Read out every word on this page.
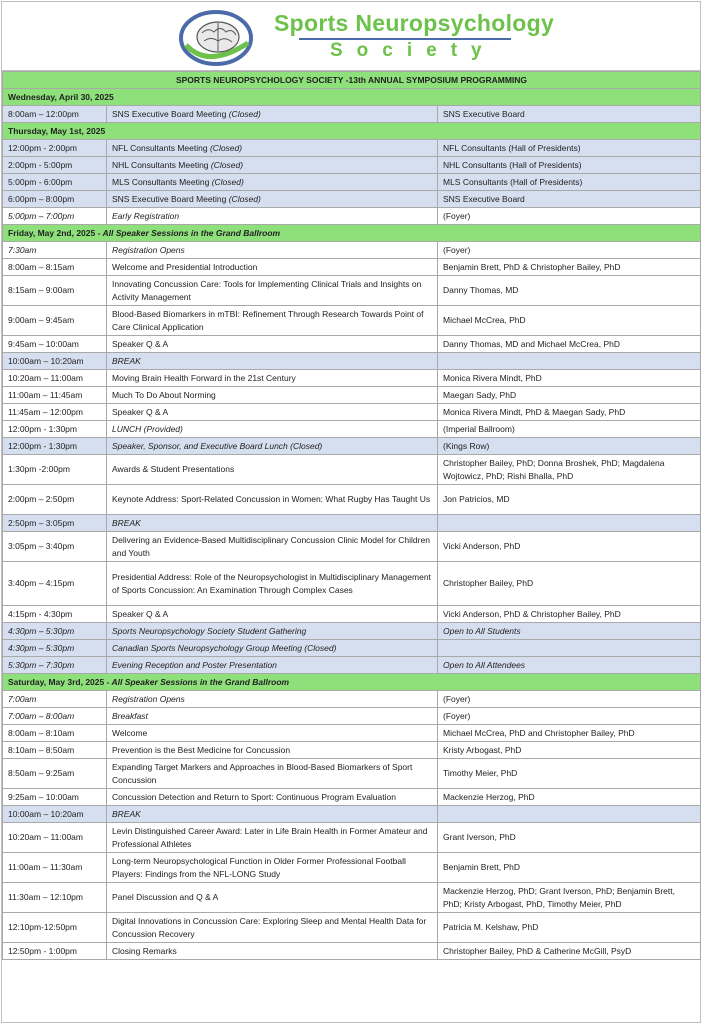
Sports Neuropsychology
Society
SPORTS NEUROPSYCHOLOGY SOCIETY -13th ANNUAL SYMPOSIUM PROGRAMMING		
Wednesday, April 30, 2025		
8:00am – 12:00pm	SNS Executive Board Meeting (Closed)	SNS Executive Board
Thursday, May 1st, 2025		
12:00pm - 2:00pm	NFL Consultants Meeting (Closed)	NFL Consultants (Hall of Presidents)
2:00pm - 5:00pm	NHL Consultants Meeting (Closed)	NHL Consultants (Hall of Presidents)
5:00pm - 6:00pm	MLS Consultants Meeting (Closed)	MLS Consultants (Hall of Presidents)
6:00pm – 8:00pm	SNS Executive Board Meeting (Closed)	SNS Executive Board
5:00pm – 7:00pm	Early Registration	(Foyer)
Friday, May 2nd, 2025 - All Speaker Sessions in the Grand Ballroom		
7:30am	Registration Opens	(Foyer)
8:00am – 8:15am	Welcome and Presidential Introduction	Benjamin Brett, PhD & Christopher Bailey, PhD
8:15am – 9:00am	Innovating Concussion Care: Tools for Implementing Clinical Trials and Insights on Activity Management	Danny Thomas, MD
9:00am – 9:45am	Blood-Based Biomarkers in mTBI: Refinement Through Research Towards Point of Care Clinical Application	Michael McCrea, PhD
9:45am – 10:00am	Speaker Q & A	Danny Thomas, MD and Michael McCrea, PhD
10:00am – 10:20am	BREAK	
10:20am – 11:00am	Moving Brain Health Forward in the 21st Century	Monica Rivera Mindt, PhD
11:00am – 11:45am	Much To Do About Norming	Maegan Sady, PhD
11:45am – 12:00pm	Speaker Q & A	Monica Rivera Mindt, PhD & Maegan Sady, PhD
12:00pm - 1:30pm	LUNCH (Provided)	(Imperial Ballroom)
12:00pm - 1:30pm	Speaker, Sponsor, and Executive Board Lunch (Closed)	(Kings Row)
1:30pm -2:00pm	Awards & Student Presentations	Christopher Bailey, PhD; Donna Broshek, PhD; Magdalena Wojtowicz, PhD; Rishi Bhalla, PhD
2:00pm – 2:50pm	Keynote Address: Sport-Related Concussion in Women: What Rugby Has Taught Us	Jon Patricios, MD
2:50pm – 3:05pm	BREAK	
3:05pm – 3:40pm	Delivering an Evidence-Based Multidisciplinary Concussion Clinic Model for Children and Youth	Vicki Anderson, PhD
3:40pm – 4:15pm	Presidential Address: Role of the Neuropsychologist in Multidisciplinary Management of Sports Concussion: An Examination Through Complex Cases	Christopher Bailey, PhD
4:15pm - 4:30pm	Speaker Q & A	Vicki Anderson, PhD & Christopher Bailey, PhD
4:30pm – 5:30pm	Sports Neuropsychology Society Student Gathering	Open to All Students
4:30pm – 5:30pm	Canadian Sports Neuropsychology Group Meeting (Closed)	
5:30pm – 7:30pm	Evening Reception and Poster Presentation	Open to All Attendees
Saturday, May 3rd, 2025 - All Speaker Sessions in the Grand Ballroom		
7:00am	Registration Opens	(Foyer)
7:00am – 8:00am	Breakfast	(Foyer)
8:00am – 8:10am	Welcome	Michael McCrea, PhD and Christopher Bailey, PhD
8:10am – 8:50am	Prevention is the Best Medicine for Concussion	Kristy Arbogast, PhD
8:50am – 9:25am	Expanding Target Markers and Approaches in Blood-Based Biomarkers of Sport Concussion	Timothy Meier, PhD
9:25am – 10:00am	Concussion Detection and Return to Sport: Continuous Program Evaluation	Mackenzie Herzog, PhD
10:00am – 10:20am	BREAK	
10:20am – 11:00am	Levin Distinguished Career Award: Later in Life Brain Health in Former Amateur and Professional Athletes	Grant Iverson, PhD
11:00am – 11:30am	Long-term Neuropsychological Function in Older Former Professional Football Players: Findings from the NFL-LONG Study	Benjamin Brett, PhD
11:30am – 12:10pm	Panel Discussion and Q & A	Mackenzie Herzog, PhD; Grant Iverson, PhD; Benjamin Brett, PhD; Kristy Arbogast, PhD, Timothy Meier, PhD
12:10pm-12:50pm	Digital Innovations in Concussion Care: Exploring Sleep and Mental Health Data for Concussion Recovery	Patricia M. Kelshaw, PhD
12:50pm - 1:00pm	Closing Remarks	Christopher Bailey, PhD & Catherine McGill, PsyD
